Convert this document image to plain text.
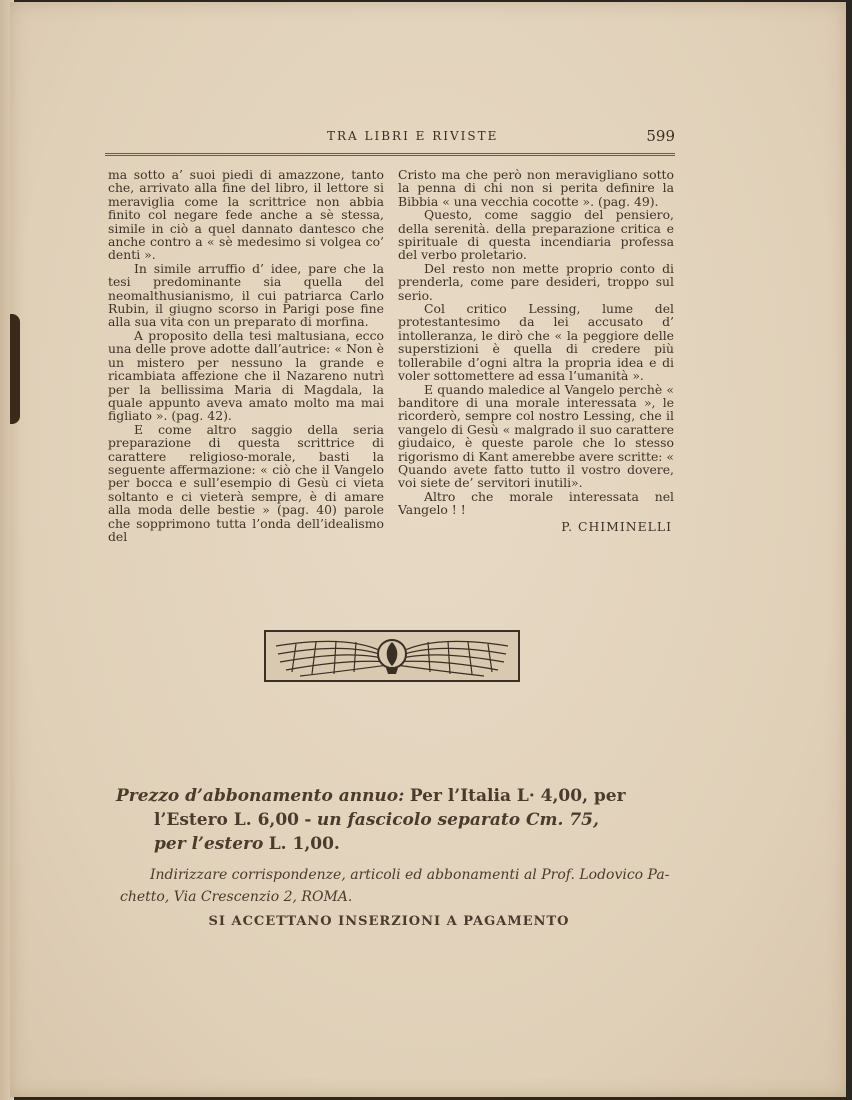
TRA LIBRI E RIVISTE	599

ma sotto a’ suoi piedi di amazzone, tanto che, arrivato alla fine del libro, il lettore si meraviglia come la scrittrice non abbia finito col negare fede anche a sè stessa, simile in ciò a quel dannato dantesco che anche contro a « sè medesimo si volgea co’ denti ».

In simile arruffio d’ idee, pare che la tesi predominante sia quella del neomalthusianismo, il cui patriarca Carlo Rubin, il giugno scorso in Parigi pose fine alla sua vita con un preparato di morfina.

A proposito della tesi maltusiana, ecco una delle prove adotte dall’autrice: « Non è un mistero per nessuno la grande e ricambiata affezione che il Nazareno nutrì per la bellissima Maria di Magdala, la quale appunto aveva amato molto ma mai figliato ». (pag. 42).

E come altro saggio della seria preparazione di questa scrittrice di carattere religioso-morale, basti la seguente affermazione: « ciò che il Vangelo per bocca e sull’esempio di Gesù ci vieta soltanto e ci vieterà sempre, è di amare alla moda delle bestie » (pag. 40) parole che sopprimono tutta l’onda dell’idealismo del

Cristo ma che però non meravigliano sotto la penna di chi non si perita definire la Bibbia « una vecchia cocotte ». (pag. 49).

Questo, come saggio del pensiero, della serenità. della preparazione critica e spirituale di questa incendiaria professa del verbo proletario.

Del resto non mette proprio conto di prenderla, come pare desideri, troppo sul serio.

Col critico Lessing, lume del protestantesimo da lei accusato d’ intolleranza, le dirò che « la peggiore delle superstizioni è quella di credere più tollerabile d’ogni altra la propria idea e di voler sottomettere ad essa l’umanità ».

E quando maledice al Vangelo perchè « banditore di una morale interessata », le ricorderò, sempre col nostro Lessing, che il vangelo di Gesù « malgrado il suo carattere giudaico, è queste parole che lo stesso rigorismo di Kant amerebbe avere scritte: « Quando avete fatto tutto il vostro dovere, voi siete de’ servitori inutili».

Altro che morale interessata nel Vangelo ! !

P. CHIMINELLI
Prezzo d’abbonamento annuo: Per l’Italia L· 4,00, per
l’Estero L. 6,00 - un fascicolo separato Cm. 75,
per l’estero L. 1,00.
Indirizzare corrispondenze, articoli ed abbonamenti al Prof. Lodovico Pa-
chetto, Via Crescenzio 2, ROMA.
SI ACCETTANO INSERZIONI A PAGAMENTO
